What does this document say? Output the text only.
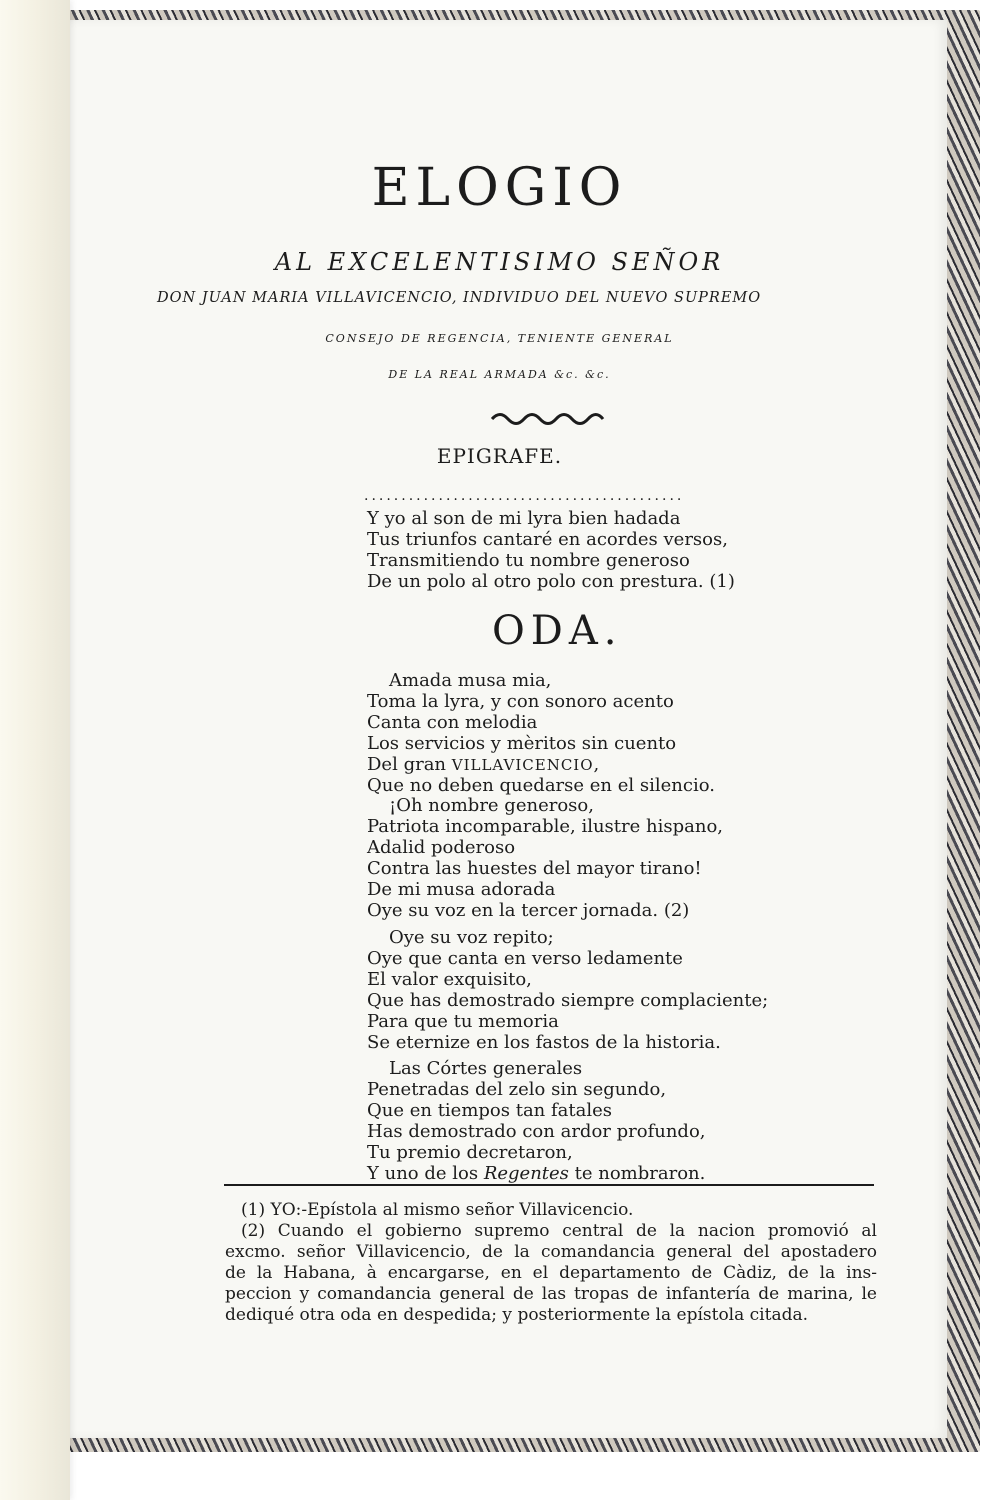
ELOGIO
AL EXCELENTISIMO SEÑOR
DON JUAN MARIA VILLAVICENCIO, INDIVIDUO DEL NUEVO SUPREMO
CONSEJO DE REGENCIA, TENIENTE GENERAL
DE LA REAL ARMADA &c. &c.
EPIGRAFE.
...........................................
Y yo al son de mi lyra bien hadada
Tus triunfos cantaré en acordes versos,
Transmitiendo tu nombre generoso
De un polo al otro polo con prestura. (1)
ODA.
Amada musa mia,
Toma la lyra, y con sonoro acento
Canta con melodia
Los servicios y mèritos sin cuento
Del gran VILLAVICENCIO,
Que no deben quedarse en el silencio.
¡Oh nombre generoso,
Patriota incomparable, ilustre hispano,
Adalid poderoso
Contra las huestes del mayor tirano!
De mi musa adorada
Oye su voz en la tercer jornada. (2)
Oye su voz repito;
Oye que canta en verso ledamente
El valor exquisito,
Que has demostrado siempre complaciente;
Para que tu memoria
Se eternize en los fastos de la historia.
Las Córtes generales
Penetradas del zelo sin segundo,
Que en tiempos tan fatales
Has demostrado con ardor profundo,
Tu premio decretaron,
Y uno de los Regentes te nombraron.
(1) YO:-Epístola al mismo señor Villavicencio.
(2) Cuando el gobierno supremo central de la nacion promovió al
excmo. señor Villavicencio, de la comandancia general del apostadero
de la Habana, à encargarse, en el departamento de Càdiz, de la ins-
peccion y comandancia general de las tropas de infantería de marina, le
dediqué otra oda en despedida; y posteriormente la epístola citada.
